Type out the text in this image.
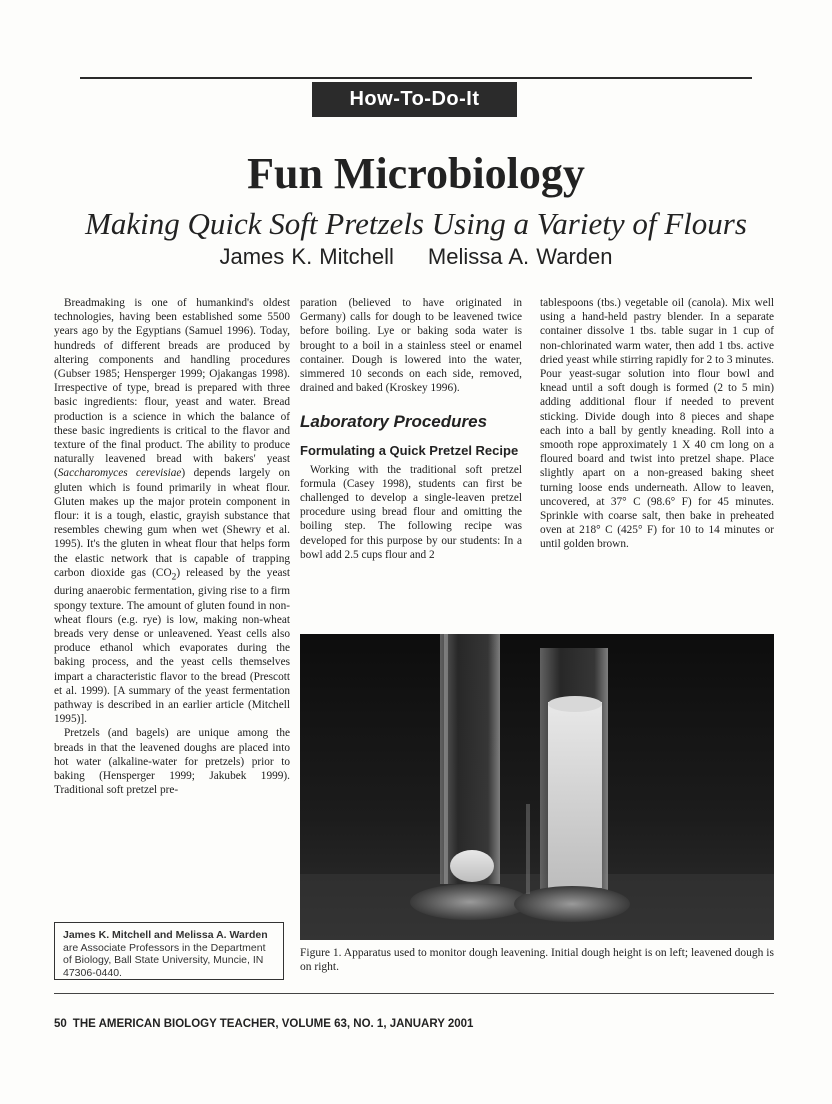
How-To-Do-It
Fun Microbiology
Making Quick Soft Pretzels Using a Variety of Flours
James K. Mitchell Melissa A. Warden

Breadmaking is one of humankind's oldest technologies, having been established some 5500 years ago by the Egyptians (Samuel 1996). Today, hundreds of different breads are produced by altering components and handling procedures (Gubser 1985; Hensperger 1999; Ojakangas 1998). Irrespective of type, bread is prepared with three basic ingredients: flour, yeast and water. Bread production is a science in which the balance of these basic ingredients is critical to the flavor and texture of the final product. The ability to produce naturally leavened bread with bakers' yeast (Saccharomyces cerevisiae) depends largely on gluten which is found primarily in wheat flour. Gluten makes up the major protein component in flour: it is a tough, elastic, grayish substance that resembles chewing gum when wet (Shewry et al. 1995). It's the gluten in wheat flour that helps form the elastic network that is capable of trapping carbon dioxide gas $(CO_2)$ released by the yeast during anaerobic fermentation, giving rise to a firm spongy texture. The amount of gluten found in non-wheat flours (e.g. rye) is low, making non-wheat breads very dense or unleavened. Yeast cells also produce ethanol which evaporates during the baking process, and the yeast cells themselves impart a characteristic flavor to the bread (Prescott et al. 1999). [A summary of the yeast fermentation pathway is described in an earlier article (Mitchell 1995)].

Pretzels (and bagels) are unique among the breads in that the leavened doughs are placed into hot water (alkaline-water for pretzels) prior to baking (Hensperger 1999; Jakubek 1999). Traditional soft pretzel pre-

paration (believed to have originated in Germany) calls for dough to be leavened twice before boiling. Lye or baking soda water is brought to a boil in a stainless steel or enamel container. Dough is lowered into the water, simmered 10 seconds on each side, removed, drained and baked (Kroskey 1996).

Laboratory Procedures
Formulating a Quick Pretzel Recipe

Working with the traditional soft pretzel formula (Casey 1998), students can first be challenged to develop a single-leaven pretzel procedure using bread flour and omitting the boiling step. The following recipe was developed for this purpose by our students: In a bowl add 2.5 cups flour and 2

tablespoons (tbs.) vegetable oil (canola). Mix well using a hand-held pastry blender. In a separate container dissolve 1 tbs. table sugar in 1 cup of non-chlorinated warm water, then add 1 tbs. active dried yeast while stirring rapidly for 2 to 3 minutes. Pour yeast-sugar solution into flour bowl and knead until a soft dough is formed (2 to 5 min) adding additional flour if needed to prevent sticking. Divide dough into 8 pieces and shape each into a ball by gently kneading. Roll into a smooth rope approximately 1 X 40 cm long on a floured board and twist into pretzel shape. Place slightly apart on a non-greased baking sheet turning loose ends underneath. Allow to leaven, uncovered, at 37° C (98.6° F) for 45 minutes. Sprinkle with coarse salt, then bake in preheated oven at 218° C (425° F) for 10 to 14 minutes or until golden brown.

James K. Mitchell and Melissa A. Warden are Associate Professors in the Department of Biology, Ball State University, Muncie, IN 47306-0440.
Figure 1. Apparatus used to monitor dough leavening. Initial dough height is on left; leavened dough is on right.
50 THE AMERICAN BIOLOGY TEACHER, VOLUME 63, NO. 1, JANUARY 2001
